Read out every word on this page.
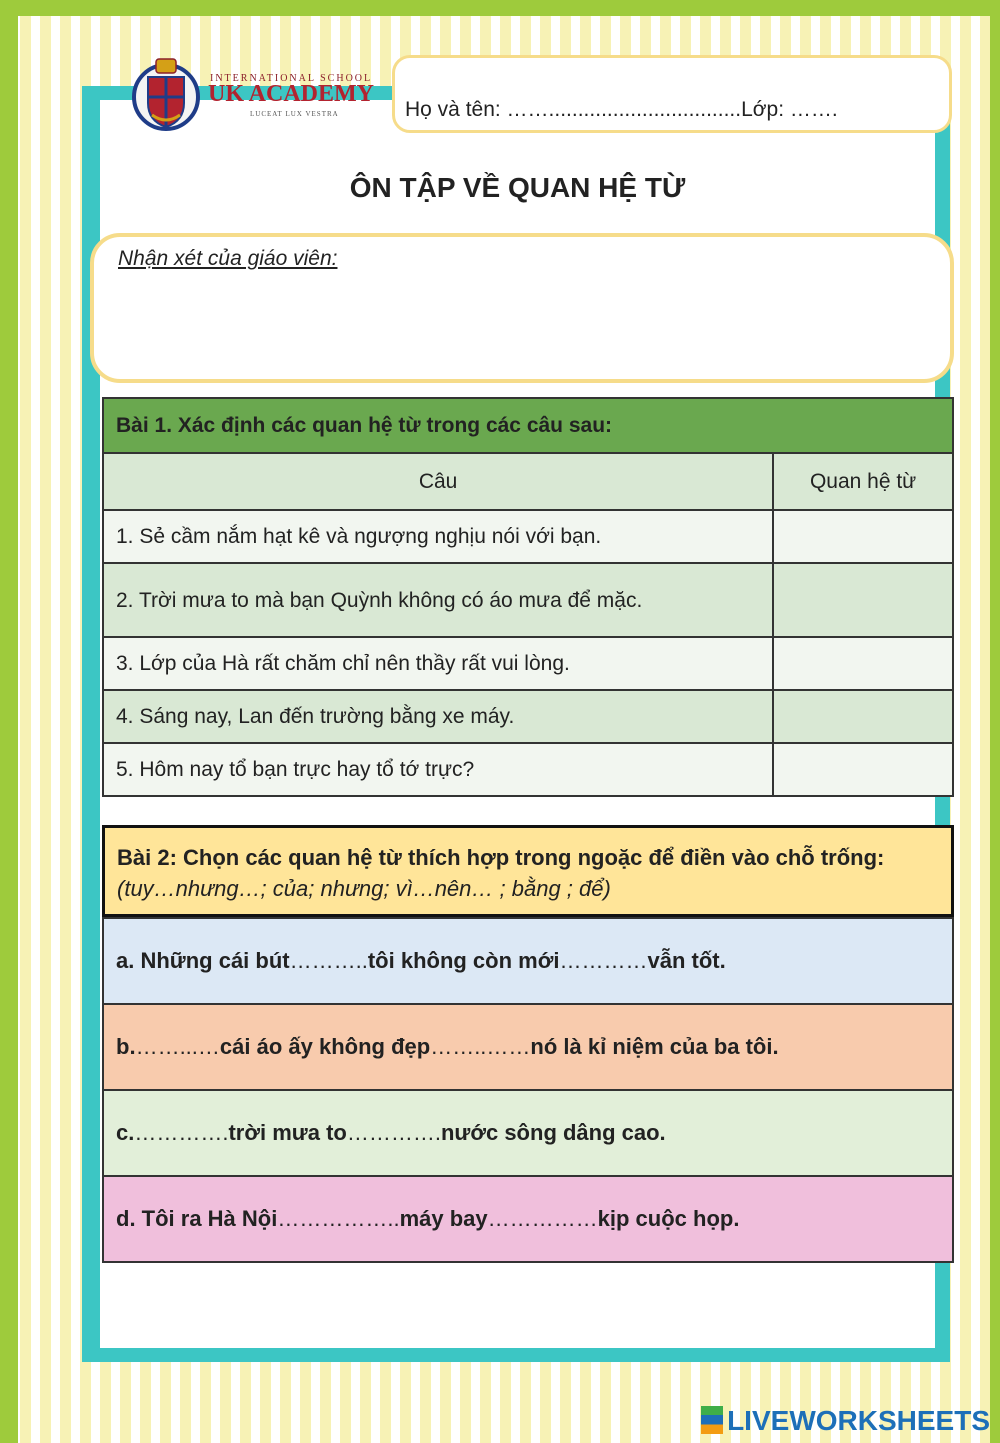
INTERNATIONAL SCHOOL
UK ACADEMY
LUCEAT LUX VESTRA	Họ và tên: …….................................Lớp: …….
ÔN TẬP VỀ QUAN HỆ TỪ
Nhận xét của giáo viên:
Bài 1. Xác định các quan hệ từ trong các câu sau:	
Câu	Quan hệ từ
1. Sẻ cầm nắm hạt kê và ngượng nghịu nói với bạn.	
2. Trời mưa to mà bạn Quỳnh không có áo mưa để mặc.	
3. Lớp của Hà rất chăm chỉ nên thầy rất vui lòng.	
4. Sáng nay, Lan đến trường bằng xe máy.	
5. Hôm nay tổ bạn trực hay tổ tớ trực?	
Bài 2: Chọn các quan hệ từ thích hợp trong ngoặc để điền vào chỗ trống: (tuy…nhưng…; của; nhưng; vì…nên… ; bằng ; để)
a. Những cái bút ……….. tôi không còn mới ………… vẫn tốt.
b. ……...… cái áo ấy không đẹp ……..…… nó là kỉ niệm của ba tôi.
c. …………. trời mưa to …………. nước sông dâng cao.
d. Tôi ra Hà Nội …………….. máy bay …………… kịp cuộc họp.
LIVEWORKSHEETS
